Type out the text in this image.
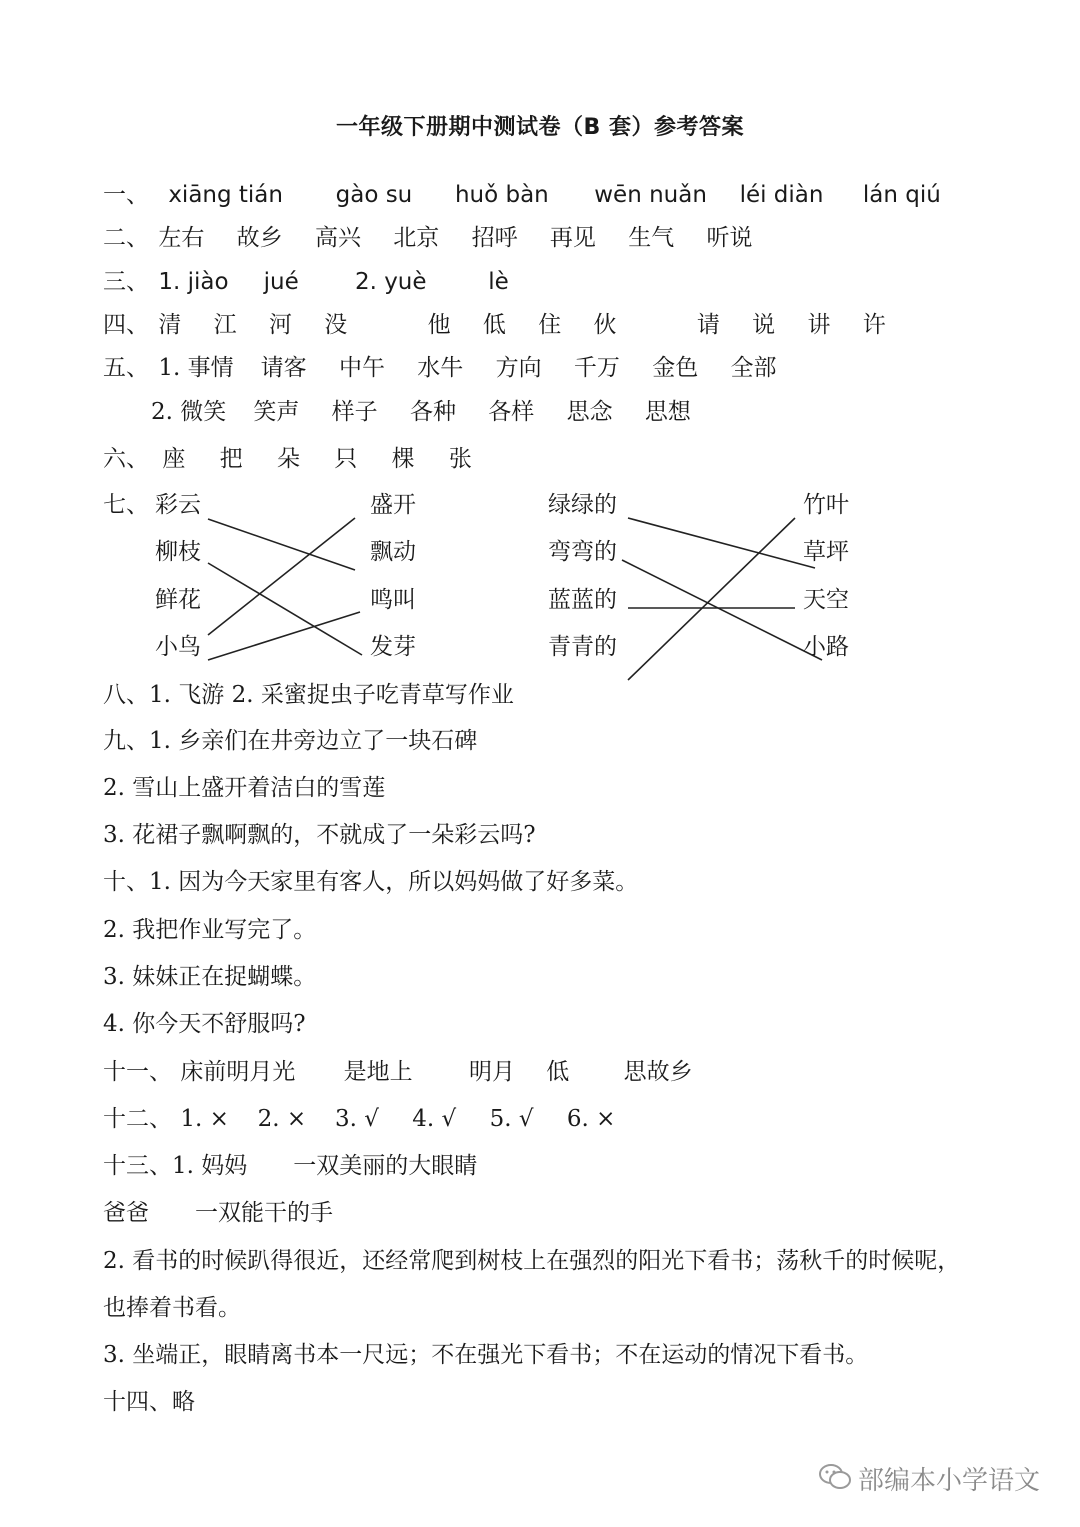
一年级下册期中测试卷（B 套）参考答案
一、 xiāng tián gào su huǒ bàn wēn nuǎn léi diàn lán qiú
二、 左右 故乡 高兴 北京 招呼 再见 生气 听说
三、 1. jiào jué 2. yuè	lè
四、 清 江 河 没	他 低 住 伙	请 说 讲 许
五、 1. 事情 请客 中午 水牛 方向 千万 金色 全部
2. 微笑 笑声 样子 各种 各样 思念 思想
六、 座 把 朵 只 棵 张
七、 彩云
柳枝
鲜花
小鸟
盛开
飘动
鸣叫
发芽
绿绿的
弯弯的
蓝蓝的
青青的
竹叶
草坪
天空
小路
八、1. 飞游 2. 采蜜捉虫子吃青草写作业
九、1. 乡亲们在井旁边立了一块石碑
2. 雪山上盛开着洁白的雪莲
3. 花裙子飘啊飘的，不就成了一朵彩云吗?
十、1. 因为今天家里有客人，所以妈妈做了好多菜。
2. 我把作业写完了。
3. 妹妹正在捉蝴蝶。
4. 你今天不舒服吗?
十一、 床前明月光 是地上 明月 低 思故乡
十二、 1. × 2. × 3. √ 4. √ 5. √ 6. ×
十三、1. 妈妈　　一双美丽的大眼睛
爸爸　　一双能干的手
2. 看书的时候趴得很近，还经常爬到树枝上在强烈的阳光下看书；荡秋千的时候呢，
也捧着书看。
3. 坐端正，眼睛离书本一尺远；不在强光下看书；不在运动的情况下看书。
十四、略
部编本小学语文
